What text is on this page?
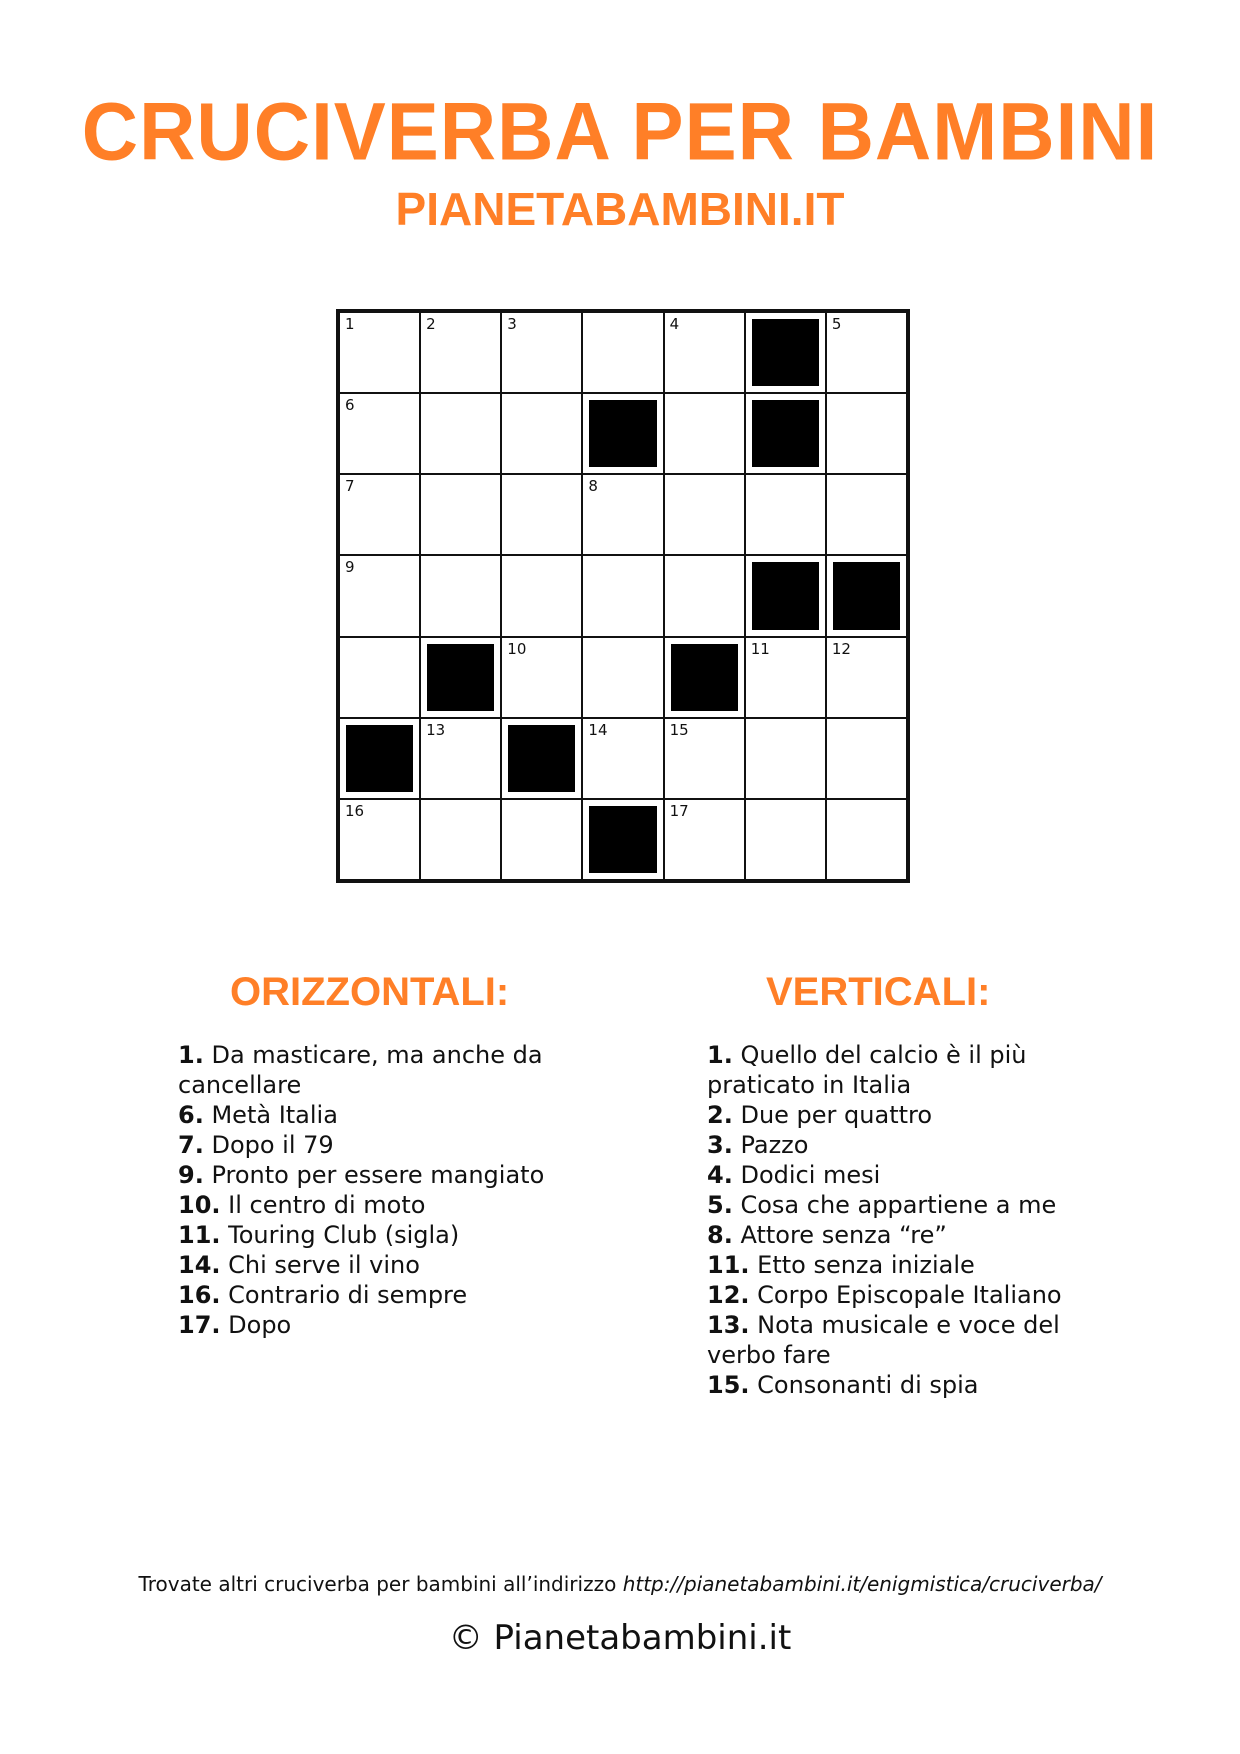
CRUCIVERBA PER BAMBINI
PIANETABAMBINI.IT
1	2	3	4	5
6
7	8
9
10	11	12
13	14	15
16	17
ORIZZONTALI:
1. Da masticare, ma anche da
cancellare
6. Metà Italia
7. Dopo il 79
9. Pronto per essere mangiato
10. Il centro di moto
11. Touring Club (sigla)
14. Chi serve il vino
16. Contrario di sempre
17. Dopo
VERTICALI:
1. Quello del calcio è il più
praticato in Italia
2. Due per quattro
3. Pazzo
4. Dodici mesi
5. Cosa che appartiene a me
8. Attore senza “re”
11. Etto senza iniziale
12. Corpo Episcopale Italiano
13. Nota musicale e voce del
verbo fare
15. Consonanti di spia
Trovate altri cruciverba per bambini all’indirizzo http://pianetabambini.it/enigmistica/cruciverba/
© Pianetabambini.it
